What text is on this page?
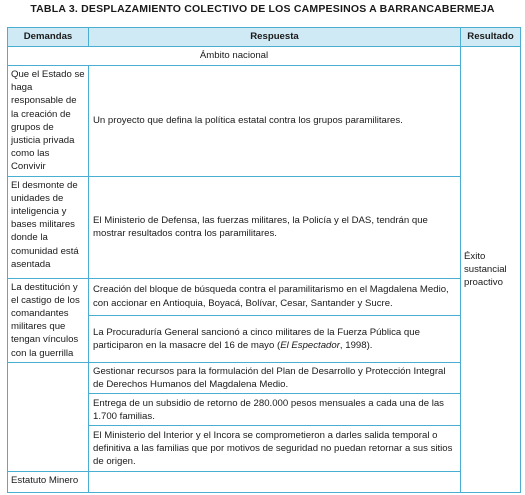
TABLA 3. DESPLAZAMIENTO COLECTIVO DE LOS CAMPESINOS A BARRANCABERMEJA
Demandas	Respuesta	Resultado
Ámbito nacional		Éxito sustancial proactivo

Que el Estado se haga responsable de la creación de grupos de justicia privada como las Convivir	Un proyecto que defina la política estatal contra los grupos paramilitares.	

El desmonte de unidades de inteligencia y bases militares donde la comunidad está asentada	El Ministerio de Defensa, las fuerzas militares, la Policía y el DAS, tendrán que mostrar resultados contra los paramilitares.	

La destitución y el castigo de los comandantes militares que tengan vínculos con la guerrilla	Creación del bloque de búsqueda contra el paramilitarismo en el Magdalena Medio, con accionar en Antioquia, Boyacá, Bolívar, Cesar, Santander y Sucre.	

	La Procuraduría General sancionó a cinco militares de la Fuerza Pública que participaron en la masacre del 16 de mayo (El Espectador, 1998).	

	Gestionar recursos para la formulación del Plan de Desarrollo y Protección Integral de Derechos Humanos del Magdalena Medio.	

	Entrega de un subsidio de retorno de 280.000 pesos mensuales a cada una de las 1.700 familias.	

	El Ministerio del Interior y el Incora se comprometieron a darles salida temporal o definitiva a las familias que por motivos de seguridad no puedan retornar a sus sitios de origen.	

Estatuto Minero		
